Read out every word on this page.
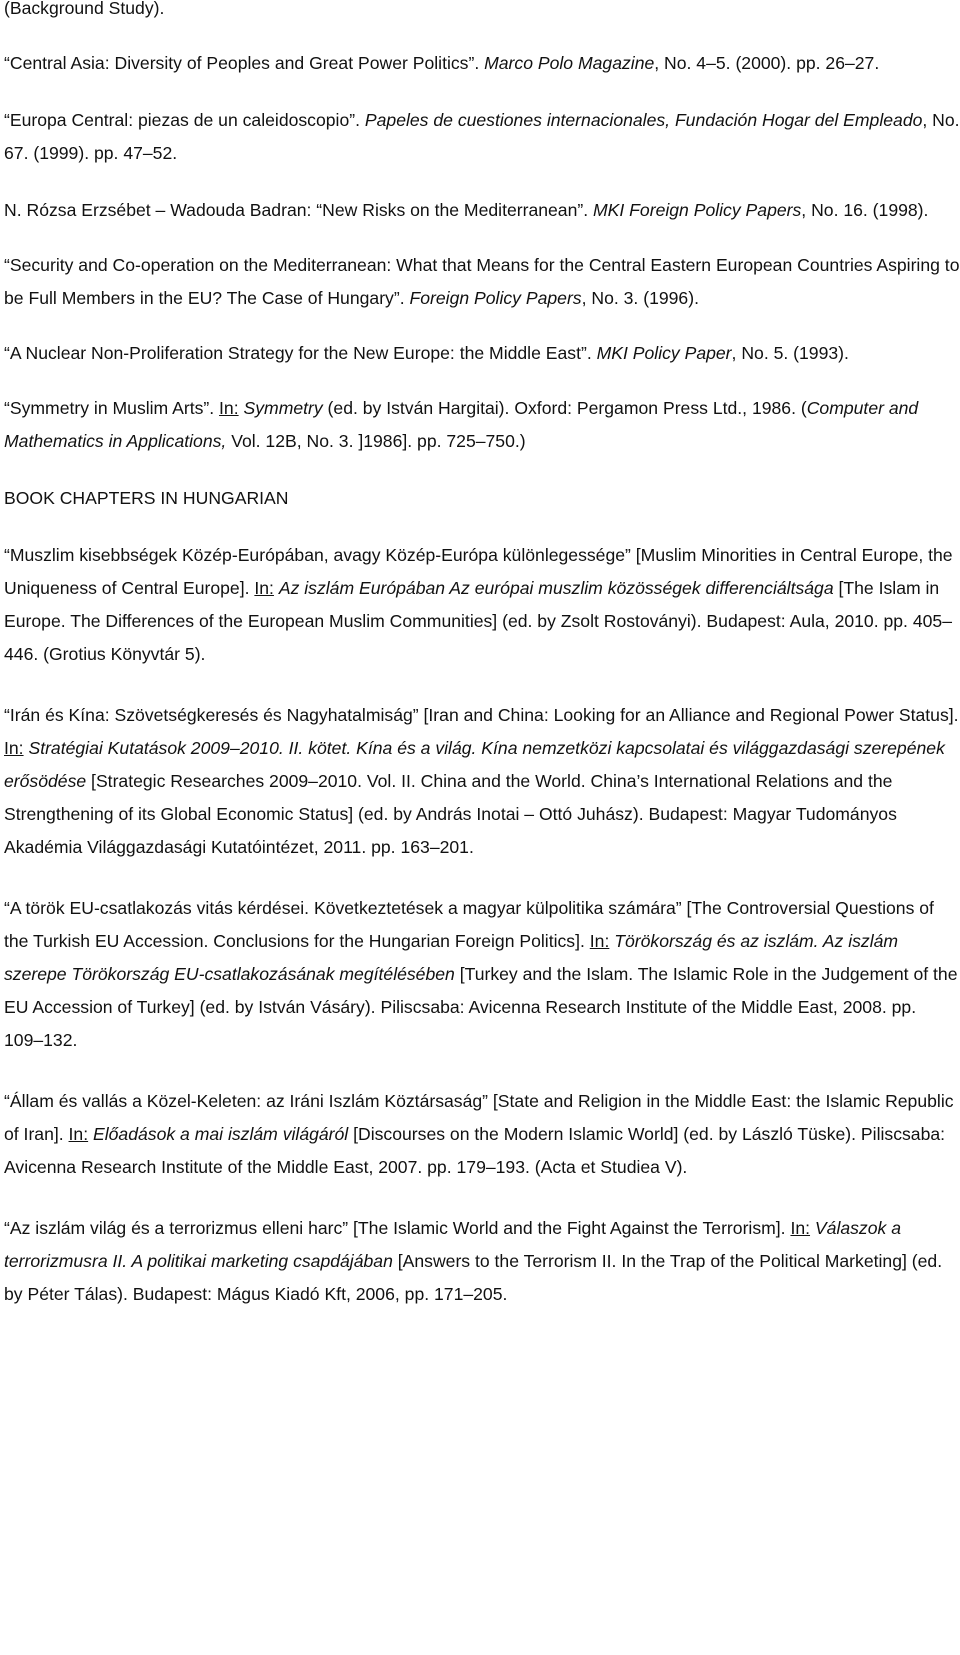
(Background Study).

“Central Asia: Diversity of Peoples and Great Power Politics”. Marco Polo Magazine, No. 4–5. (2000). pp. 26–27.

“Europa Central: piezas de un caleidoscopio”. Papeles de cuestiones internacionales, Fundación Hogar del Empleado, No. 67. (1999). pp. 47–52.

N. Rózsa Erzsébet – Wadouda Badran: “New Risks on the Mediterranean”. MKI Foreign Policy Papers, No. 16. (1998).

“Security and Co-operation on the Mediterranean: What that Means for the Central Eastern European Countries Aspiring to be Full Members in the EU? The Case of Hungary”. Foreign Policy Papers, No. 3. (1996).

“A Nuclear Non-Proliferation Strategy for the New Europe: the Middle East”. MKI Policy Paper, No. 5. (1993).

“Symmetry in Muslim Arts”. In: Symmetry (ed. by István Hargitai). Oxford: Pergamon Press Ltd., 1986. (Computer and Mathematics in Applications, Vol. 12B, No. 3. ]1986]. pp. 725–750.)

BOOK CHAPTERS IN HUNGARIAN

“Muszlim kisebbségek Közép-Európában, avagy Közép-Európa különlegessége” [Muslim Minorities in Central Europe, the Uniqueness of Central Europe]. In: Az iszlám Európában Az európai muszlim közösségek differenciáltsága [The Islam in Europe. The Differences of the European Muslim Communities] (ed. by Zsolt Rostoványi). Budapest: Aula, 2010. pp. 405–446. (Grotius Könyvtár 5).

“Irán és Kína: Szövetségkeresés és Nagyhatalmiság” [Iran and China: Looking for an Alliance and Regional Power Status]. In: Stratégiai Kutatások 2009–2010. II. kötet. Kína és a világ. Kína nemzetközi kapcsolatai és világgazdasági szerepének erősödése [Strategic Researches 2009–2010. Vol. II. China and the World. China’s International Relations and the Strengthening of its Global Economic Status] (ed. by András Inotai – Ottó Juhász). Budapest: Magyar Tudományos Akadémia Világgazdasági Kutatóintézet, 2011. pp. 163–201.

“A török EU-csatlakozás vitás kérdései. Következtetések a magyar külpolitika számára” [The Controversial Questions of the Turkish EU Accession. Conclusions for the Hungarian Foreign Politics]. In: Törökország és az iszlám. Az iszlám szerepe Törökország EU-csatlakozásának megítélésében [Turkey and the Islam. The Islamic Role in the Judgement of the EU Accession of Turkey] (ed. by István Vásáry). Piliscsaba: Avicenna Research Institute of the Middle East, 2008. pp. 109–132.

“Állam és vallás a Közel-Keleten: az Iráni Iszlám Köztársaság” [State and Religion in the Middle East: the Islamic Republic of Iran]. In: Előadások a mai iszlám világáról [Discourses on the Modern Islamic World] (ed. by László Tüske). Piliscsaba: Avicenna Research Institute of the Middle East, 2007. pp. 179–193. (Acta et Studiea V).

“Az iszlám világ és a terrorizmus elleni harc” [The Islamic World and the Fight Against the Terrorism]. In: Válaszok a terrorizmusra II. A politikai marketing csapdájában [Answers to the Terrorism II. In the Trap of the Political Marketing] (ed. by Péter Tálas). Budapest: Mágus Kiadó Kft, 2006, pp. 171–205.
